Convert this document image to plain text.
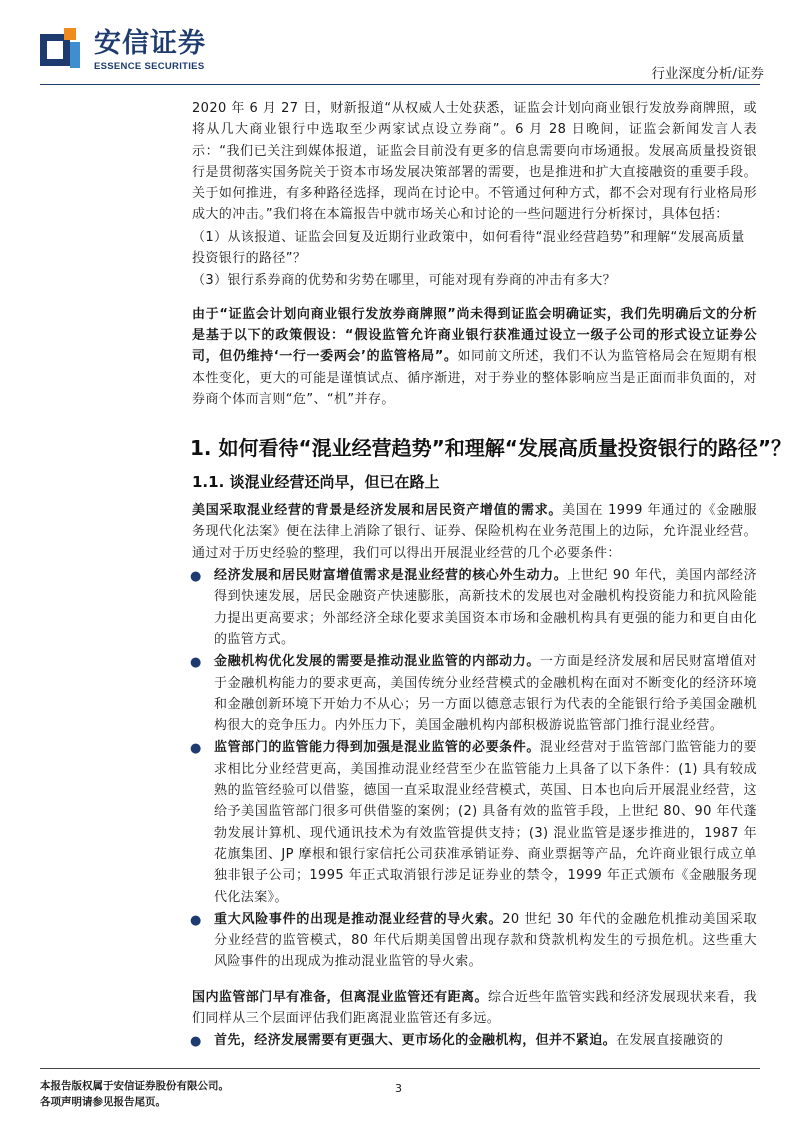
安信证券
ESSENCE SECURITIES	行业深度分析/证券

2020 年 6 月 27 日，财新报道“从权威人士处获悉，证监会计划向商业银行发放券商牌照，或将从几大商业银行中选取至少两家试点设立券商”。6 月 28 日晚间，证监会新闻发言人表示：“我们已关注到媒体报道，证监会目前没有更多的信息需要向市场通报。发展高质量投资银行是贯彻落实国务院关于资本市场发展决策部署的需要，也是推进和扩大直接融资的重要手段。关于如何推进，有多种路径选择，现尚在讨论中。不管通过何种方式，都不会对现有行业格局形成大的冲击。”我们将在本篇报告中就市场关心和讨论的一些问题进行分析探讨，具体包括：

（1）从该报道、证监会回复及近期行业政策中，如何看待“混业经营趋势”和理解“发展高质量投资银行的路径”？

（3）银行系券商的优势和劣势在哪里，可能对现有券商的冲击有多大？

由于“证监会计划向商业银行发放券商牌照”尚未得到证监会明确证实，我们先明确后文的分析是基于以下的政策假设：“假设监管允许商业银行获准通过设立一级子公司的形式设立证券公司，但仍维持‘一行一委两会’的监管格局”。如同前文所述，我们不认为监管格局会在短期有根本性变化，更大的可能是谨慎试点、循序渐进，对于券业的整体影响应当是正面而非负面的，对券商个体而言则“危”、“机”并存。

1. 如何看待“混业经营趋势”和理解“发展高质量投资银行的路径”？
1.1. 谈混业经营还尚早，但已在路上

美国采取混业经营的背景是经济发展和居民资产增值的需求。美国在 1999 年通过的《金融服务现代化法案》便在法律上消除了银行、证券、保险机构在业务范围上的边际，允许混业经营。通过对于历史经验的整理，我们可以得出开展混业经营的几个必要条件：

● 经济发展和居民财富增值需求是混业经营的核心外生动力。上世纪 90 年代，美国内部经济得到快速发展，居民金融资产快速膨胀，高新技术的发展也对金融机构投资能力和抗风险能力提出更高要求；外部经济全球化要求美国资本市场和金融机构具有更强的能力和更自由化的监管方式。
● 金融机构优化发展的需要是推动混业监管的内部动力。一方面是经济发展和居民财富增值对于金融机构能力的要求更高，美国传统分业经营模式的金融机构在面对不断变化的经济环境和金融创新环境下开始力不从心；另一方面以德意志银行为代表的全能银行给予美国金融机构很大的竞争压力。内外压力下，美国金融机构内部积极游说监管部门推行混业经营。
● 监管部门的监管能力得到加强是混业监管的必要条件。混业经营对于监管部门监管能力的要求相比分业经营更高，美国推动混业经营至少在监管能力上具备了以下条件：(1) 具有较成熟的监管经验可以借鉴，德国一直采取混业经营模式，英国、日本也向后开展混业经营，这给予美国监管部门很多可供借鉴的案例；(2) 具备有效的监管手段，上世纪 80、90 年代蓬勃发展计算机、现代通讯技术为有效监管提供支持；(3) 混业监管是逐步推进的，1987 年花旗集团、JP 摩根和银行家信托公司获准承销证券、商业票据等产品，允许商业银行成立单独非银子公司；1995 年正式取消银行涉足证券业的禁令，1999 年正式颁布《金融服务现代化法案》。
● 重大风险事件的出现是推动混业经营的导火索。20 世纪 30 年代的金融危机推动美国采取分业经营的监管模式，80 年代后期美国曾出现存款和贷款机构发生的亏损危机。这些重大风险事件的出现成为推动混业监管的导火索。

国内监管部门早有准备，但离混业监管还有距离。综合近些年监管实践和经济发展现状来看，我们同样从三个层面评估我们距离混业监管还有多远。

● 首先，经济发展需要有更强大、更市场化的金融机构，但并不紧迫。在发展直接融资的
本报告版权属于安信证券股份有限公司。
各项声明请参见报告尾页。
3
